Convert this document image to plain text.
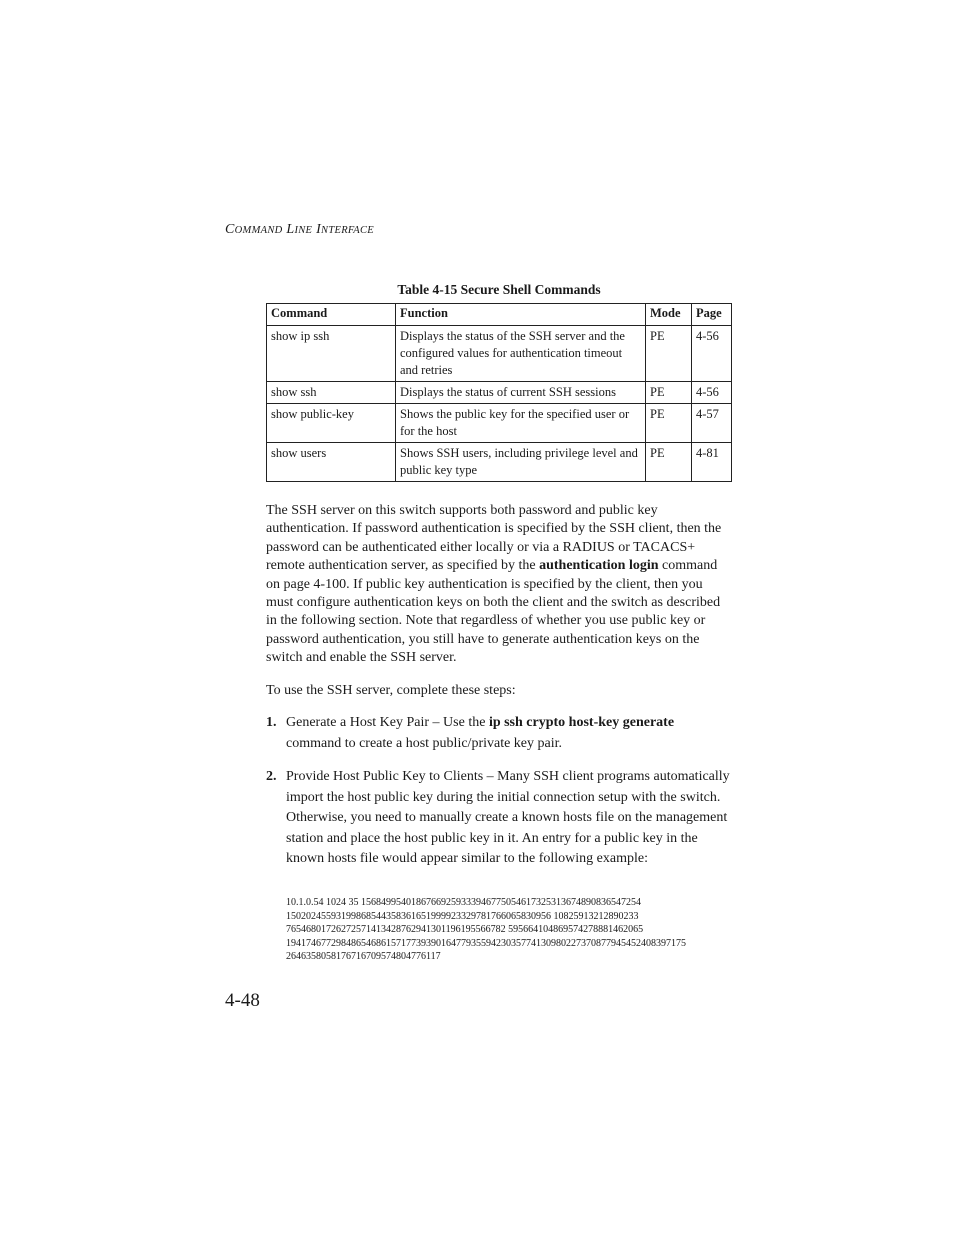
COMMAND LINE INTERFACE
Table 4-15 Secure Shell Commands
Command	Function	Mode	Page
show ip ssh	Displays the status of the SSH server and the configured values for authentication timeout and retries	PE	4-56
show ssh	Displays the status of current SSH sessions	PE	4-56
show public-key	Shows the public key for the specified user or for the host	PE	4-57
show users	Shows SSH users, including privilege level and public key type	PE	4-81
The SSH server on this switch supports both password and public key authentication. If password authentication is specified by the SSH client, then the password can be authenticated either locally or via a RADIUS or TACACS+ remote authentication server, as specified by the authentication login command on page 4-100. If public key authentication is specified by the client, then you must configure authentication keys on both the client and the switch as described in the following section. Note that regardless of whether you use public key or password authentication, you still have to generate authentication keys on the switch and enable the SSH server.
To use the SSH server, complete these steps:
1. Generate a Host Key Pair – Use the ip ssh crypto host-key generate command to create a host public/private key pair.
2. Provide Host Public Key to Clients – Many SSH client programs automatically import the host public key during the initial connection setup with the switch. Otherwise, you need to manually create a known hosts file on the management station and place the host public key in it. An entry for a public key in the known hosts file would appear similar to the following example:
10.1.0.54 1024 35 15684995401867669259333946775054617325313674890836547254
15020245593199868544358361651999923329781766065830956 10825913212890233
76546801726272571413428762941301196195566782 595664104869574278881462065
19417467729848654686157177393901647793559423035774130980227370877945452408397175
2646358058176716709574804776117
4-48
